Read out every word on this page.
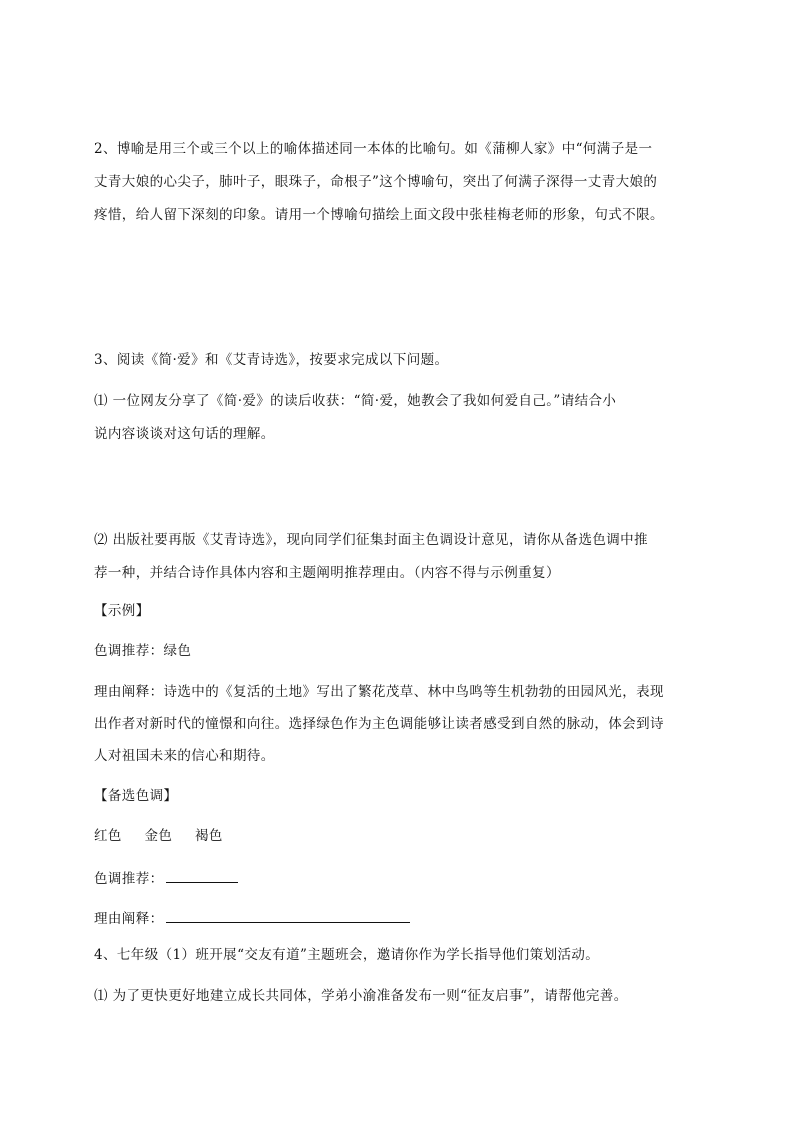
2、博喻是用三个或三个以上的喻体描述同一本体的比喻句。如《蒲柳人家》中“何满子是一
丈青大娘的心尖子，肺叶子，眼珠子，命根子”这个博喻句，突出了何满子深得一丈青大娘的
疼惜，给人留下深刻的印象。请用一个博喻句描绘上面文段中张桂梅老师的形象，句式不限。
3、阅读《简·爱》和《艾青诗选》，按要求完成以下问题。
⑴ 一位网友分享了《简·爱》的读后收获：“简·爱，她教会了我如何爱自己。”请结合小
说内容谈谈对这句话的理解。
⑵ 出版社要再版《艾青诗选》，现向同学们征集封面主色调设计意见，请你从备选色调中推
荐一种，并结合诗作具体内容和主题阐明推荐理由。（内容不得与示例重复）
【示例】
色调推荐：绿色
理由阐释：诗选中的《复活的土地》写出了繁花茂草、林中鸟鸣等生机勃勃的田园风光，表现
出作者对新时代的憧憬和向往。选择绿色作为主色调能够让读者感受到自然的脉动，体会到诗
人对祖国未来的信心和期待。
【备选色调】
红色 金色 褐色
色调推荐：
理由阐释：
4、七年级（1）班开展“交友有道”主题班会，邀请你作为学长指导他们策划活动。
⑴ 为了更快更好地建立成长共同体，学弟小渝准备发布一则“征友启事”，请帮他完善。
